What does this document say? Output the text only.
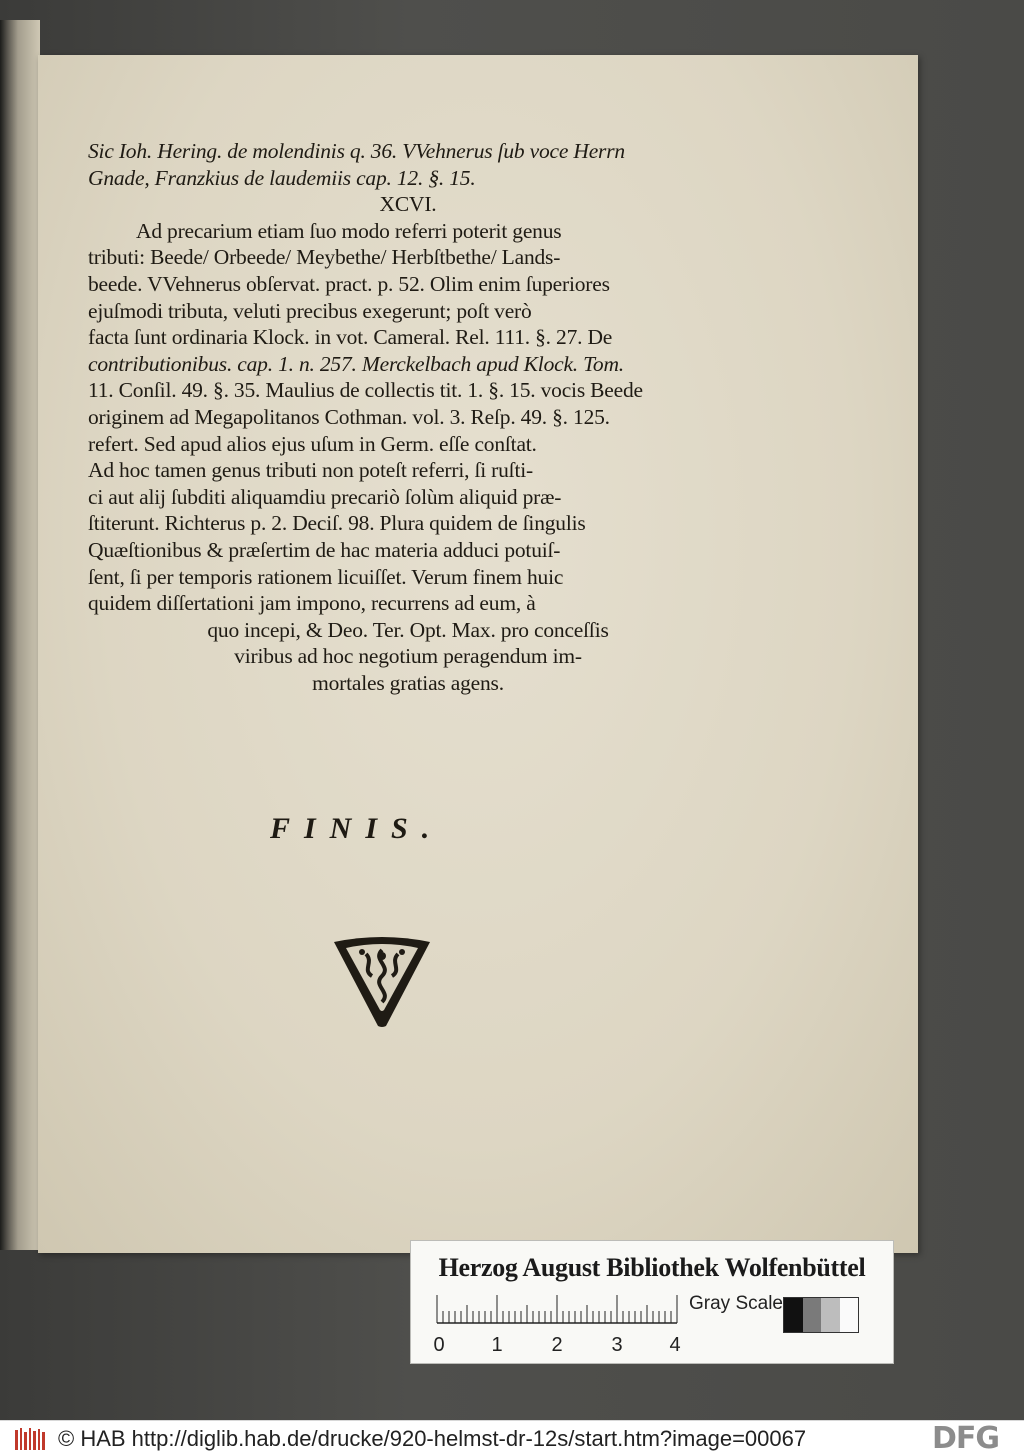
Sic Ioh. Hering. de molendinis q. 36. VVehnerus ſub voce Herrn
Gnade, Franzkius de laudemiis cap. 12. §. 15.
XCVI.
Ad precarium etiam ſuo modo referri poterit genus
tributi: Beede/ Orbeede/ Meybethe/ Herbſtbethe/ Lands-
beede. VVehnerus obſervat. pract. p. 52. Olim enim ſuperiores
ejuſmodi tributa, veluti precibus exegerunt; poſt verò
facta ſunt ordinaria Klock. in vot. Cameral. Rel. 111. §. 27. De
contributionibus. cap. 1. n. 257. Merckelbach apud Klock. Tom.
11. Conſil. 49. §. 35. Maulius de collectis tit. 1. §. 15. vocis Beede
originem ad Megapolitanos Cothman. vol. 3. Reſp. 49. §. 125.
refert. Sed apud alios ejus uſum in Germ. eſſe conſtat.
Ad hoc tamen genus tributi non poteſt referri, ſi ruſti-
ci aut alij ſubditi aliquamdiu precariò ſolùm aliquid præ-
ſtiterunt. Richterus p. 2. Deciſ. 98. Plura quidem de ſingulis
Quæſtionibus & præſertim de hac materia adduci potuiſ-
ſent, ſi per temporis rationem licuiſſet. Verum finem huic
quidem diſſertationi jam impono, recurrens ad eum, à
quo incepi, & Deo. Ter. Opt. Max. pro conceſſis
viribus ad hoc negotium peragendum im-
mortales gratias agens.
FINIS.
Herzog August Bibliothek Wolfenbüttel
0 1 2 3 4
Gray Scale
© HAB http://diglib.hab.de/drucke/920-helmst-dr-12s/start.htm?image=00067	DFG
